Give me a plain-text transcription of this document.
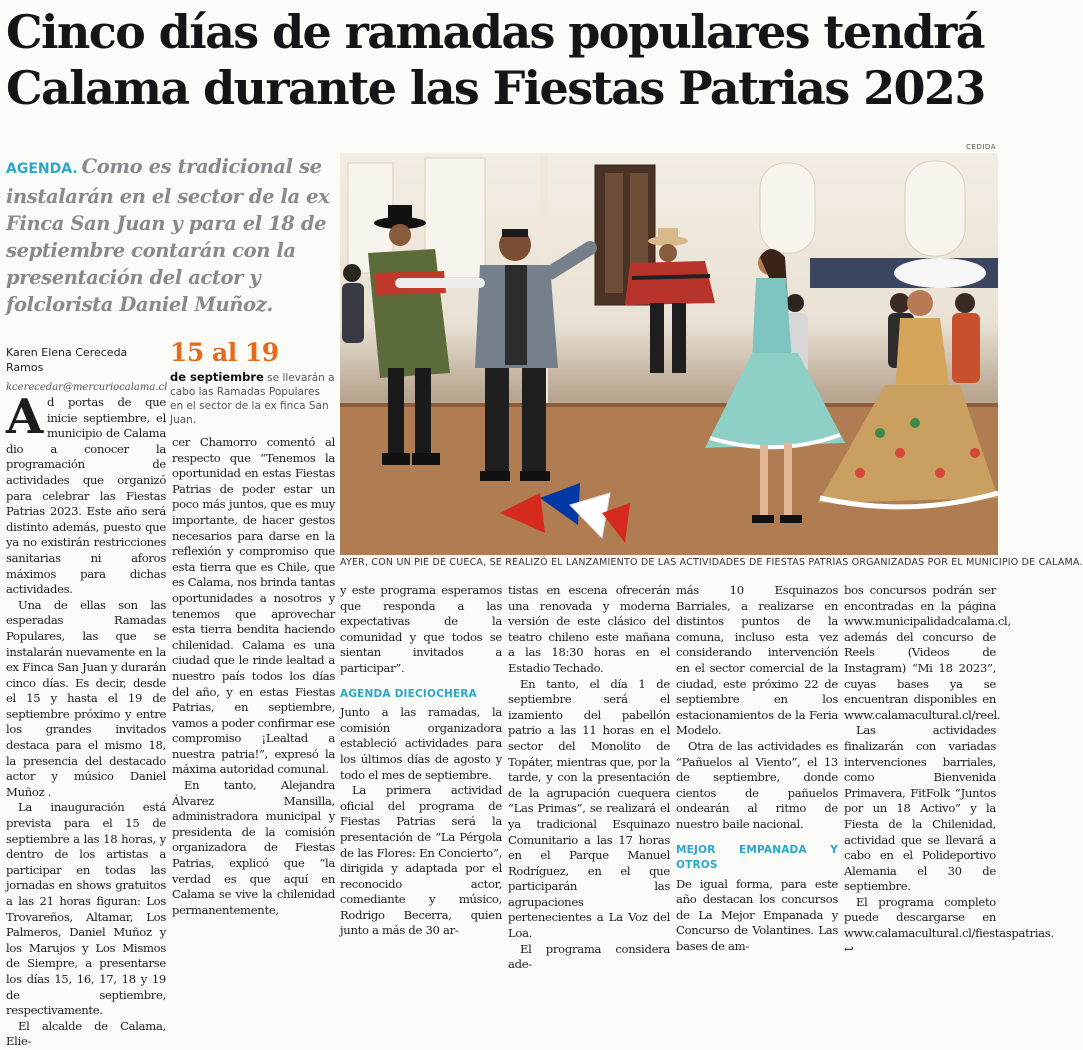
Cinco días de ramadas populares tendrá Calama durante las Fiestas Patrias 2023
AGENDA. Como es tradicional se instalarán en el sector de la ex Finca San Juan y para el 18 de septiembre contarán con la presentación del actor y folclorista Daniel Muñoz.
Karen Elena Cereceda Ramos
kcerecedar@mercuriocalama.cl
15 al 19
de septiembre se llevarán a cabo las Ramadas Populares en el sector de la ex finca San Juan.
CEDIDA
AYER, CON UN PIE DE CUECA, SE REALIZÓ EL LANZAMIENTO DE LAS ACTIVIDADES DE FIESTAS PATRIAS ORGANIZADAS POR EL MUNICIPIO DE CALAMA.

Ad portas de que inicie septiembre, el municipio de Calama dio a conocer la programación de actividades que organizó para celebrar las Fiestas Patrias 2023. Este año será distinto además, puesto que ya no existirán restricciones sanitarias ni aforos máximos para dichas actividades.

Una de ellas son las esperadas Ramadas Populares, las que se instalarán nuevamente en la ex Finca San Juan y durarán cinco días. Es decir, desde el 15 y hasta el 19 de septiembre próximo y entre los grandes invitados destaca para el mismo 18, la presencia del destacado actor y músico Daniel Muñoz .

La inauguración está prevista para el 15 de septiembre a las 18 horas, y dentro de los artistas a participar en todas las jornadas en shows gratuitos a las 21 horas figuran: Los Trovareños, Altamar, Los Palmeros, Daniel Muñoz y los Marujos y Los Mismos de Siempre, a presentarse los días 15, 16, 17, 18 y 19 de septiembre, respectivamente.

El alcalde de Calama, Elie-

cer Chamorro comentó al respecto que “Tenemos la oportunidad en estas Fiestas Patrias de poder estar un poco más juntos, que es muy importante, de hacer gestos necesarios para darse en la reflexión y compromiso que esta tierra que es Chile, que es Calama, nos brinda tantas oportunidades a nosotros y tenemos que aprovechar esta tierra bendita haciendo chilenidad. Calama es una ciudad que le rinde lealtad a nuestro país todos los días del año, y en estas Fiestas Patrias, en septiembre, vamos a poder confirmar ese compromiso ¡Lealtad a nuestra patria!”, expresó la máxima autoridad comunal.

En tanto, Alejandra Álvarez Mansilla, administradora municipal y presidenta de la comisión organizadora de Fiestas Patrias, explicó que “la verdad es que aquí en Calama se vive la chilenidad permanentemente,

y este programa esperamos que responda a las expectativas de la comunidad y que todos se sientan invitados a participar”.

AGENDA DIECIOCHERA

Junto a las ramadas, la comisión organizadora estableció actividades para los últimos días de agosto y todo el mes de septiembre.

La primera actividad oficial del programa de Fiestas Patrias será la presentación de “La Pérgola de las Flores: En Concierto”, dirigida y adaptada por el reconocido actor, comediante y músico, Rodrigo Becerra, quien junto a más de 30 ar-

tistas en escena ofrecerán una renovada y moderna versión de este clásico del teatro chileno este mañana a las 18:30 horas en el Estadio Techado.

En tanto, el día 1 de septiembre será el izamiento del pabellón patrio a las 11 horas en el sector del Monolito de Topáter, mientras que, por la tarde, y con la presentación de la agrupación cuequera “Las Primas”, se realizará el ya tradicional Esquinazo Comunitario a las 17 horas en el Parque Manuel Rodríguez, en el que participarán las agrupaciones pertenecientes a La Voz del Loa.

El programa considera ade-

más 10 Esquinazos Barriales, a realizarse en distintos puntos de la comuna, incluso esta vez considerando intervención en el sector comercial de la ciudad, este próximo 22 de septiembre en los estacionamientos de la Feria Modelo.

Otra de las actividades es “Pañuelos al Viento”, el 13 de septiembre, donde cientos de pañuelos ondearán al ritmo de nuestro baile nacional.

MEJOR EMPANADA Y OTROS

De igual forma, para este año destacan los concursos de La Mejor Empanada y Concurso de Volantines. Las bases de am-

bos concursos podrán ser encontradas en la página www.municipalidadcalama.cl, además del concurso de Reels (Videos de Instagram) “Mi 18 2023”, cuyas bases ya se encuentran disponibles en www.calamacultural.cl/reel.

Las actividades finalizarán con variadas intervenciones barriales, como Bienvenida Primavera, FitFolk “Juntos por un 18 Activo” y la Fiesta de la Chilenidad, actividad que se llevará a cabo en el Polideportivo Alemania el 30 de septiembre.

El programa completo puede descargarse en www.calamacultural.cl/fiestaspatrias. ↩
